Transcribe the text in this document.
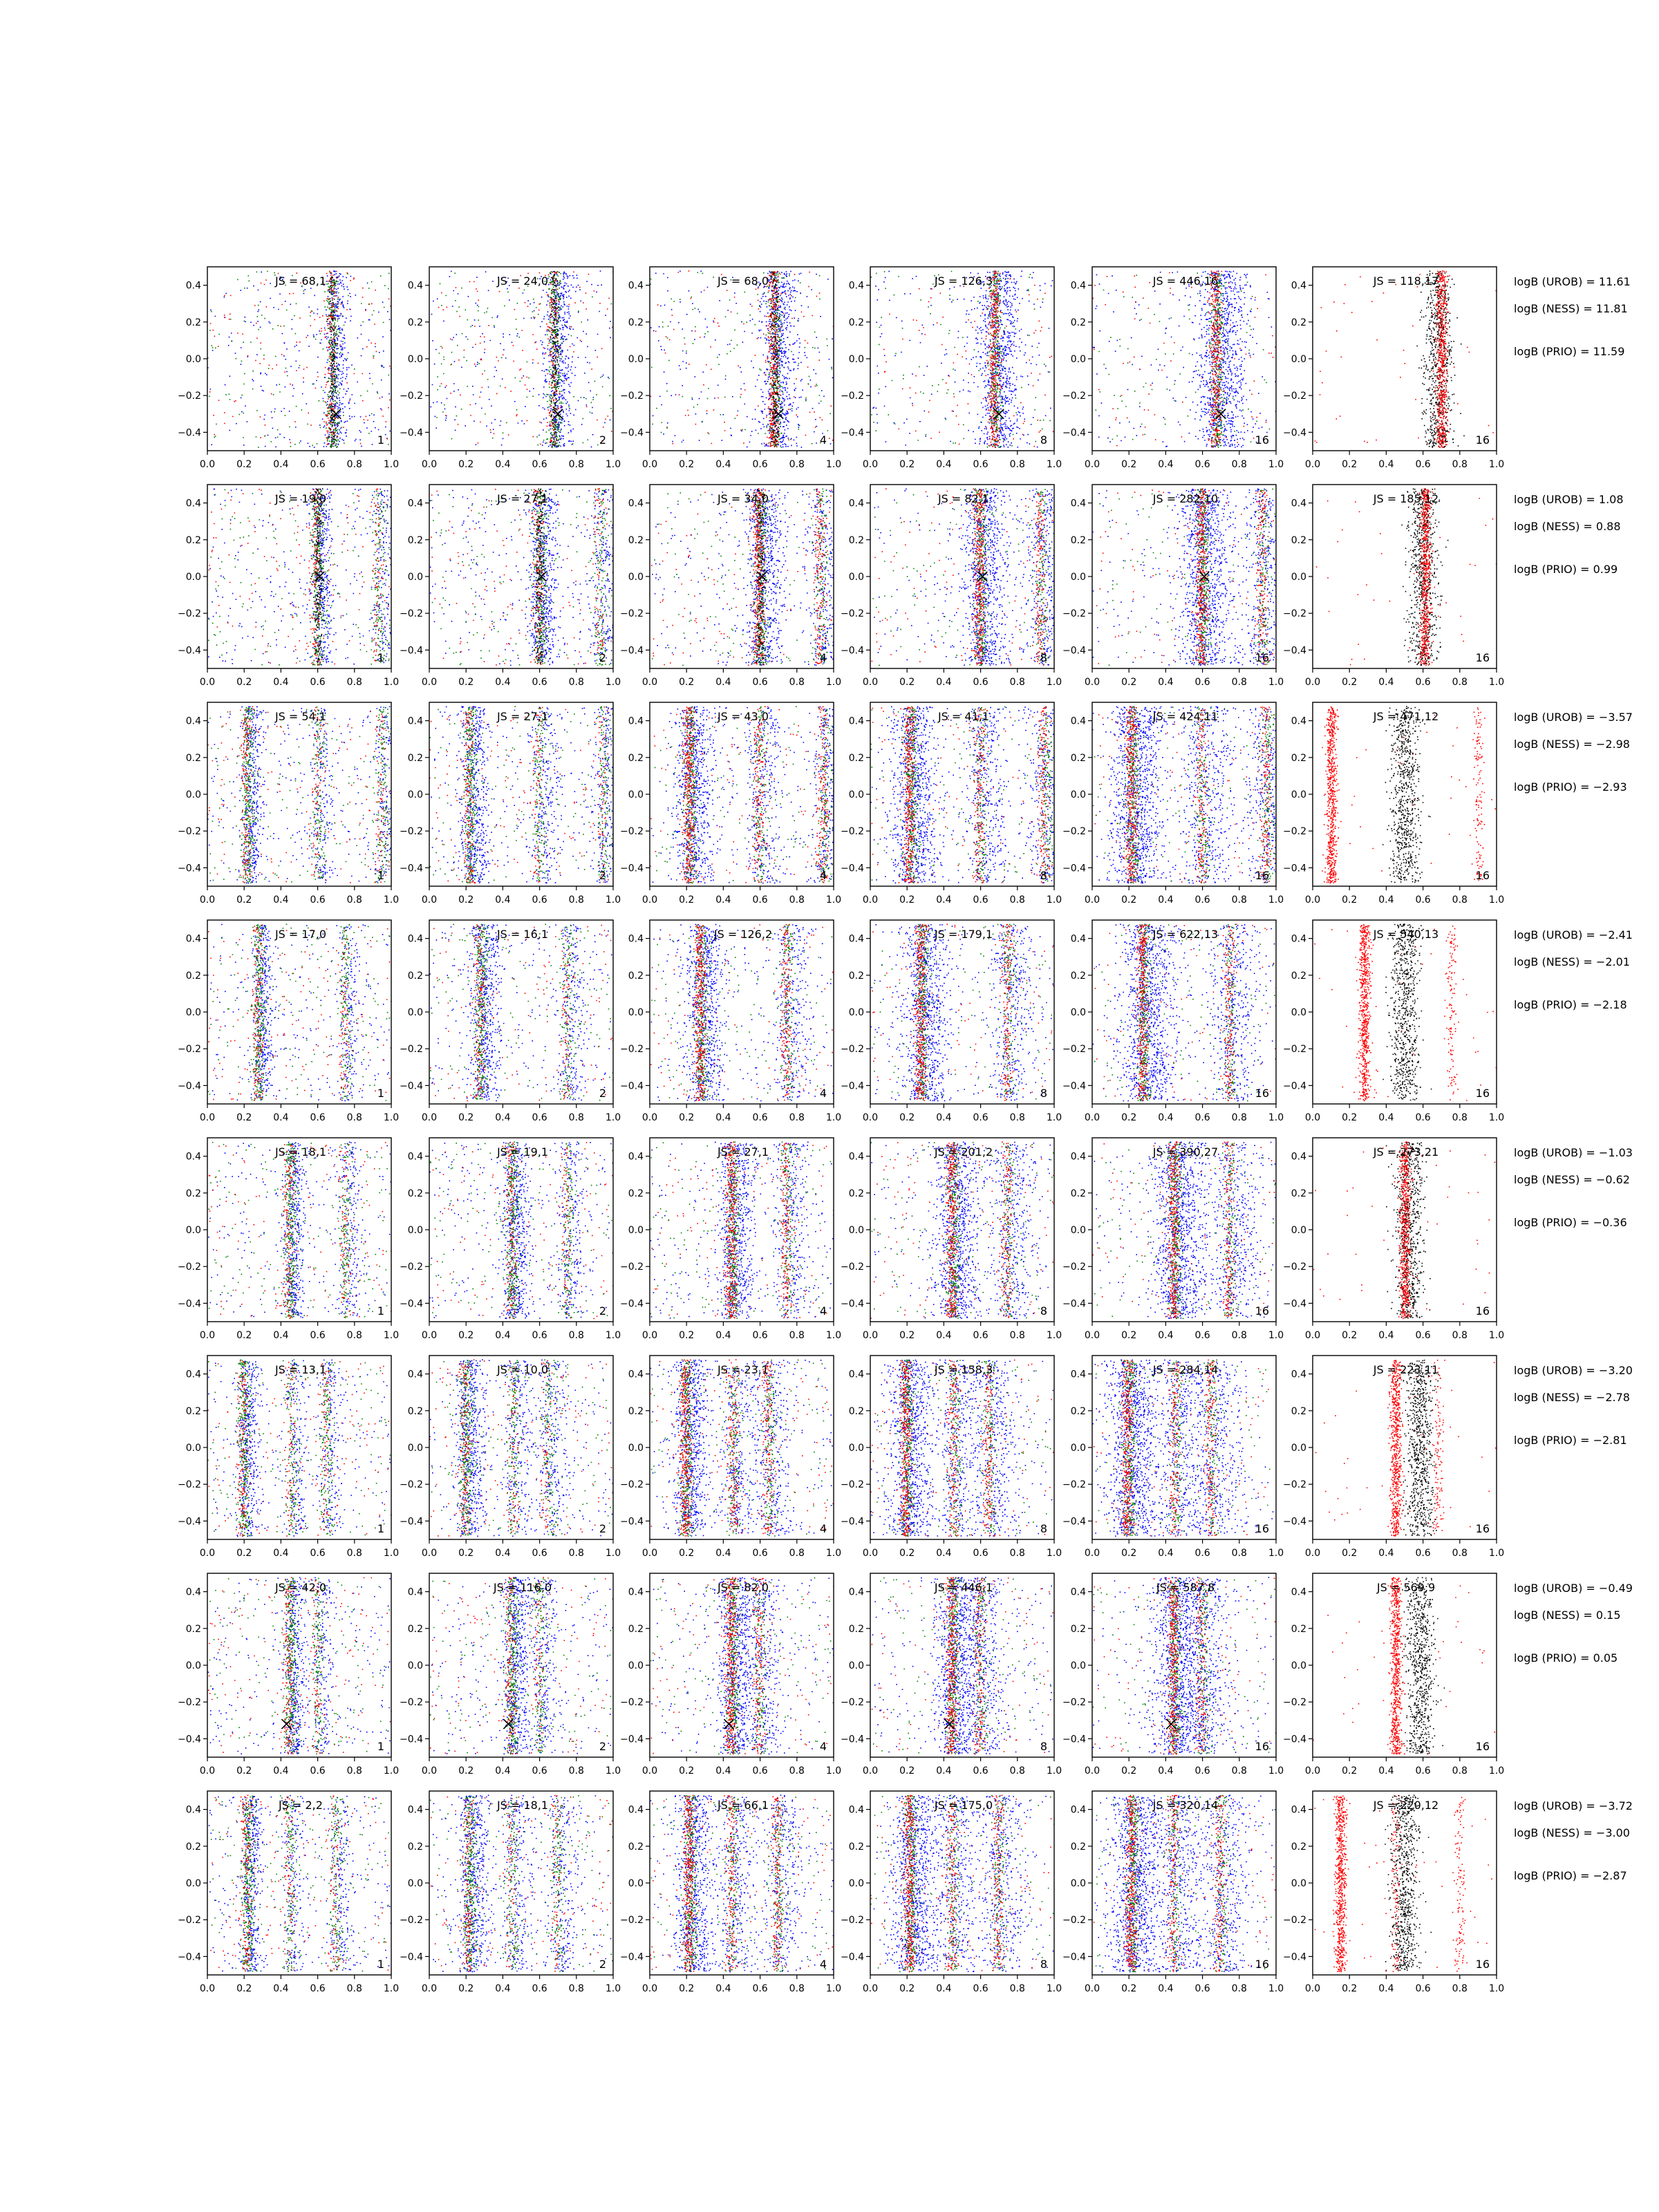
0.0 0.2 0.4 0.6 0.8 1.0
0.4
0.2
0.0
−0.2
−0.4
JS = 68,1
1
0.0 0.2 0.4 0.6 0.8 1.0
0.4
0.2
0.0
−0.2
−0.4
JS = 24,0
2
0.0 0.2 0.4 0.6 0.8 1.0
0.4
0.2
0.0
−0.2
−0.4
JS = 68,0
4
0.0 0.2 0.4 0.6 0.8 1.0
0.4
0.2
0.0
−0.2
−0.4
JS = 126,3
8
0.0 0.2 0.4 0.6 0.8 1.0
0.4
0.2
0.0
−0.2
−0.4
JS = 446,16
16
0.0 0.2 0.4 0.6 0.8 1.0
0.4
0.2
0.0
−0.2
−0.4
JS = 118,17
16
logB (UROB) = 11.61
logB (NESS) = 11.81
logB (PRIO) = 11.59
0.0 0.2 0.4 0.6 0.8 1.0
0.4
0.2
0.0
−0.2
−0.4
JS = 19,0
1
0.0 0.2 0.4 0.6 0.8 1.0
0.4
0.2
0.0
−0.2
−0.4
JS = 27,1
2
0.0 0.2 0.4 0.6 0.8 1.0
0.4
0.2
0.0
−0.2
−0.4
JS = 34,0
4
0.0 0.2 0.4 0.6 0.8 1.0
0.4
0.2
0.0
−0.2
−0.4
JS = 82,1
8
0.0 0.2 0.4 0.6 0.8 1.0
0.4
0.2
0.0
−0.2
−0.4
JS = 282,10
16
0.0 0.2 0.4 0.6 0.8 1.0
0.4
0.2
0.0
−0.2
−0.4
JS = 185,12
16
logB (UROB) = 1.08
logB (NESS) = 0.88
logB (PRIO) = 0.99
0.0 0.2 0.4 0.6 0.8 1.0
0.4
0.2
0.0
−0.2
−0.4
JS = 54,1
1
0.0 0.2 0.4 0.6 0.8 1.0
0.4
0.2
0.0
−0.2
−0.4
JS = 27,1
2
0.0 0.2 0.4 0.6 0.8 1.0
0.4
0.2
0.0
−0.2
−0.4
JS = 43,0
4
0.0 0.2 0.4 0.6 0.8 1.0
0.4
0.2
0.0
−0.2
−0.4
JS = 41,1
8
0.0 0.2 0.4 0.6 0.8 1.0
0.4
0.2
0.0
−0.2
−0.4
JS = 424,11
16
0.0 0.2 0.4 0.6 0.8 1.0
0.4
0.2
0.0
−0.2
−0.4
JS = 471,12
16
logB (UROB) = −3.57
logB (NESS) = −2.98
logB (PRIO) = −2.93
0.0 0.2 0.4 0.6 0.8 1.0
0.4
0.2
0.0
−0.2
−0.4
JS = 17,0
1
0.0 0.2 0.4 0.6 0.8 1.0
0.4
0.2
0.0
−0.2
−0.4
JS = 16,1
2
0.0 0.2 0.4 0.6 0.8 1.0
0.4
0.2
0.0
−0.2
−0.4
JS = 126,2
4
0.0 0.2 0.4 0.6 0.8 1.0
0.4
0.2
0.0
−0.2
−0.4
JS = 179,1
8
0.0 0.2 0.4 0.6 0.8 1.0
0.4
0.2
0.0
−0.2
−0.4
JS = 622,13
16
0.0 0.2 0.4 0.6 0.8 1.0
0.4
0.2
0.0
−0.2
−0.4
JS = 540,13
16
logB (UROB) = −2.41
logB (NESS) = −2.01
logB (PRIO) = −2.18
0.0 0.2 0.4 0.6 0.8 1.0
0.4
0.2
0.0
−0.2
−0.4
JS = 18,1
1
0.0 0.2 0.4 0.6 0.8 1.0
0.4
0.2
0.0
−0.2
−0.4
JS = 19,1
2
0.0 0.2 0.4 0.6 0.8 1.0
0.4
0.2
0.0
−0.2
−0.4
JS = 27,1
4
0.0 0.2 0.4 0.6 0.8 1.0
0.4
0.2
0.0
−0.2
−0.4
JS = 201,2
8
0.0 0.2 0.4 0.6 0.8 1.0
0.4
0.2
0.0
−0.2
−0.4
JS = 390,27
16
0.0 0.2 0.4 0.6 0.8 1.0
0.4
0.2
0.0
−0.2
−0.4
JS = 273,21
16
logB (UROB) = −1.03
logB (NESS) = −0.62
logB (PRIO) = −0.36
0.0 0.2 0.4 0.6 0.8 1.0
0.4
0.2
0.0
−0.2
−0.4
JS = 13,1
1
0.0 0.2 0.4 0.6 0.8 1.0
0.4
0.2
0.0
−0.2
−0.4
JS = 10,0
2
0.0 0.2 0.4 0.6 0.8 1.0
0.4
0.2
0.0
−0.2
−0.4
JS = 23,1
4
0.0 0.2 0.4 0.6 0.8 1.0
0.4
0.2
0.0
−0.2
−0.4
JS = 158,3
8
0.0 0.2 0.4 0.6 0.8 1.0
0.4
0.2
0.0
−0.2
−0.4
JS = 284,14
16
0.0 0.2 0.4 0.6 0.8 1.0
0.4
0.2
0.0
−0.2
−0.4
JS = 223,11
16
logB (UROB) = −3.20
logB (NESS) = −2.78
logB (PRIO) = −2.81
0.0 0.2 0.4 0.6 0.8 1.0
0.4
0.2
0.0
−0.2
−0.4
JS = 42,0
1
0.0 0.2 0.4 0.6 0.8 1.0
0.4
0.2
0.0
−0.2
−0.4
JS = 116,0
2
0.0 0.2 0.4 0.6 0.8 1.0
0.4
0.2
0.0
−0.2
−0.4
JS = 82,0
4
0.0 0.2 0.4 0.6 0.8 1.0
0.4
0.2
0.0
−0.2
−0.4
JS = 446,1
8
0.0 0.2 0.4 0.6 0.8 1.0
0.4
0.2
0.0
−0.2
−0.4
JS = 587,8
16
0.0 0.2 0.4 0.6 0.8 1.0
0.4
0.2
0.0
−0.2
−0.4
JS = 569,9
16
logB (UROB) = −0.49
logB (NESS) = 0.15
logB (PRIO) = 0.05
0.0 0.2 0.4 0.6 0.8 1.0
0.4
0.2
0.0
−0.2
−0.4
JS = 2,2
1
0.0 0.2 0.4 0.6 0.8 1.0
0.4
0.2
0.0
−0.2
−0.4
JS = 18,1
2
0.0 0.2 0.4 0.6 0.8 1.0
0.4
0.2
0.0
−0.2
−0.4
JS = 66,1
4
0.0 0.2 0.4 0.6 0.8 1.0
0.4
0.2
0.0
−0.2
−0.4
JS = 175,0
8
0.0 0.2 0.4 0.6 0.8 1.0
0.4
0.2
0.0
−0.2
−0.4
JS = 320,14
16
0.0 0.2 0.4 0.6 0.8 1.0
0.4
0.2
0.0
−0.2
−0.4
JS = 220,12
16
logB (UROB) = −3.72
logB (NESS) = −3.00
logB (PRIO) = −2.87
